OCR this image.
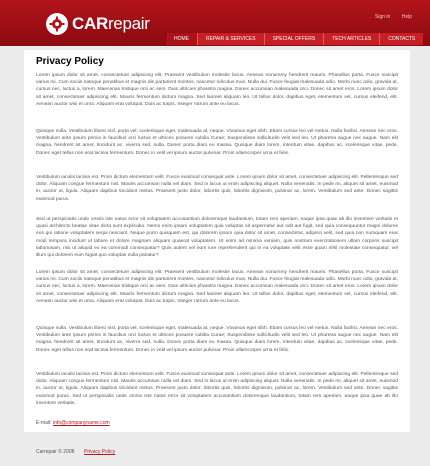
CARrepair	Sign in Help
HOME	REPAIR & SERVICES	SPECIAL OFFERS	TECH ARTICLES	CONTACTS
Privacy Policy
Lorem ipsum dolor sit amet, consectetuer adipiscing elit. Praesent vestibulum molestie lacus. Aenean nonummy hendrerit mauris. Phasellus porta. Fusce suscipit varius mi. Cum sociis natoque penatibus et magnis dis parturient montes, nascetur ridiculus mus. Nulla dui. Fusce feugiat malesuada odio. Morbi nunc odio, gravida at, cursus nec, luctus a, lorem. Maecenas tristique orci ac sem. Duis ultricies pharetra magna. Donec accumsan malesuada orci. Donec sit amet eros. Lorem ipsum dolor sit amet, consectetuer adipiscing elit. Mauris fermentum dictum magna. Sed laoreet aliquam leo. Ut tellus dolor, dapibus eget, elementum vel, cursus eleifend, elit. Aenean auctor wisi et urna. Aliquam erat volutpat. Duis ac turpis. Integer rutrum ante eu lacus.
Quisque nulla. Vestibulum libero nisl, porta vel, scelerisque eget, malesuada at, neque. Vivamus eget nibh. Etiam cursus leo vel metus. Nulla facilisi. Aenean nec eros. Vestibulum ante ipsum primis in faucibus orci luctus et ultrices posuere cubilia Curae; Suspendisse sollicitudin velit sed leo. Ut pharetra augue nec augue. Nam elit magna, hendrerit sit amet, tincidunt ac, viverra sed, nulla. Donec porta diam eu massa. Quisque diam lorem, interdum vitae, dapibus ac, scelerisque vitae, pede. Donec eget tellus non erat lacinia fermentum. Donec in velit vel ipsum auctor pulvinar. Proin ullamcorper urna et felis.
Vestibulum iaculis lacinia est. Proin dictum elementum velit. Fusce euismod consequat ante. Lorem ipsum dolor sit amet, consectetuer adipiscing elit. Pellentesque sed dolor. Aliquam congue fermentum nisl. Mauris accumsan nulla vel diam. Sed in lacus ut enim adipiscing aliquet. Nulla venenatis. In pede mi, aliquet sit amet, euismod in, auctor ut, ligula. Aliquam dapibus tincidunt metus. Praesent justo dolor, lobortis quis, lobortis dignissim, pulvinar ac, lorem. Vestibulum sed ante. Donec sagittis euismod purus.
Sed ut perspiciatis unde omnis iste natus error sit voluptatem accusantium doloremque laudantium, totam rem aperiam, eaque ipsa quae ab illo inventore veritatis et quasi architecto beatae vitae dicta sunt explicabo. Nemo enim ipsam voluptatem quia voluptas sit aspernatur aut odit aut fugit, sed quia consequuntur magni dolores eos qui ratione voluptatem sequi nesciunt. Neque porro quisquam est, qui dolorem ipsum quia dolor sit amet, consectetur, adipisci velit, sed quia non numquam eius modi tempora incidunt ut labore et dolore magnam aliquam quaerat voluptatem. Ut enim ad minima veniam, quis nostrum exercitationem ullam corporis suscipit laboriosam, nisi ut aliquid ex ea commodi consequatur? Quis autem vel eum iure reprehenderit qui in ea voluptate velit esse quam nihil molestiae consequatur, vel illum qui dolorem eum fugiat quo voluptas nulla pariatur?
Lorem ipsum dolor sit amet, consectetuer adipiscing elit. Praesent vestibulum molestie lacus. Aenean nonummy hendrerit mauris. Phasellus porta. Fusce suscipit varius mi. Cum sociis natoque penatibus et magnis dis parturient montes, nascetur ridiculus mus. Nulla dui. Fusce feugiat malesuada odio. Morbi nunc odio, gravida at, cursus nec, luctus a, lorem. Maecenas tristique orci ac sem. Duis ultricies pharetra magna. Donec accumsan malesuada orci. Donec sit amet eros. Lorem ipsum dolor sit amet, consectetuer adipiscing elit. Mauris fermentum dictum magna. Sed laoreet aliquam leo. Ut tellus dolor, dapibus eget, elementum vel, cursus eleifend, elit. Aenean auctor wisi et urna. Aliquam erat volutpat. Duis ac turpis. Integer rutrum ante eu lacus.
Quisque nulla. Vestibulum libero nisl, porta vel, scelerisque eget, malesuada at, neque. Vivamus eget nibh. Etiam cursus leo vel metus. Nulla facilisi. Aenean nec eros. Vestibulum ante ipsum primis in faucibus orci luctus et ultrices posuere cubilia Curae; Suspendisse sollicitudin velit sed leo. Ut pharetra augue nec augue. Nam elit magna, hendrerit sit amet, tincidunt ac, viverra sed, nulla. Donec porta diam eu massa. Quisque diam lorem, interdum vitae, dapibus ac, scelerisque vitae, pede. Donec eget tellus non erat lacinia fermentum. Donec in velit vel ipsum auctor pulvinar. Proin ullamcorper urna et felis.
Vestibulum iaculis lacinia est. Proin dictum elementum velit. Fusce euismod consequat ante. Lorem ipsum dolor sit amet, consectetuer adipiscing elit. Pellentesque sed dolor. Aliquam congue fermentum nisl. Mauris accumsan nulla vel diam. Sed in lacus ut enim adipiscing aliquet. Nulla venenatis. In pede mi, aliquet sit amet, euismod in, auctor ut, ligula. Aliquam dapibus tincidunt metus. Praesent justo dolor, lobortis quis, lobortis dignissim, pulvinar ac, lorem. Vestibulum sed ante. Donec sagittis euismod purus. Sed ut perspiciatis unde omnis iste natus error sit voluptatem accusantium doloremque laudantium, totam rem aperiam, eaque ipsa quae ab illo inventore veritatis.
E-mail: info@companyname.com
Carrepair © 2008 Privacy Policy
